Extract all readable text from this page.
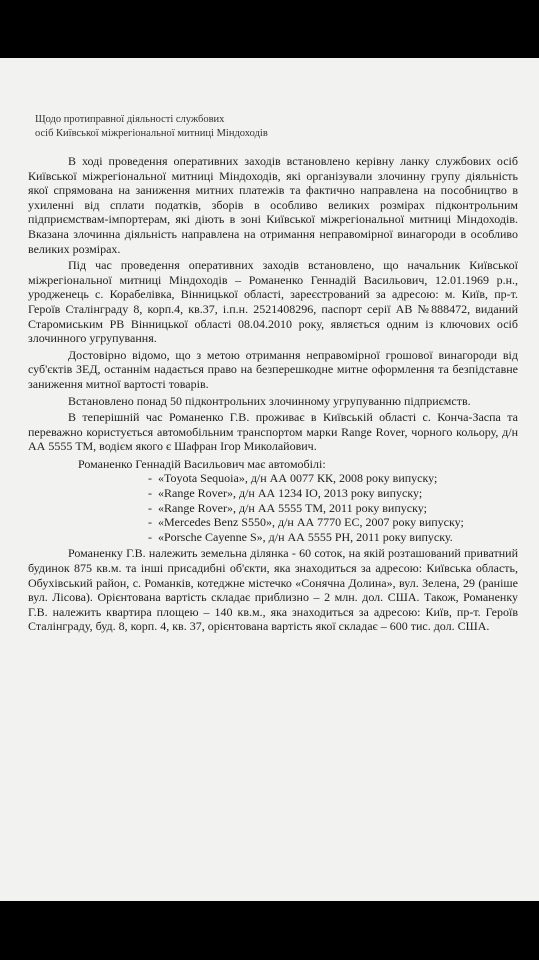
Щодо протиправної діяльності службових
осіб Київської міжрегіональної митниці Міндоходів

В ході проведення оперативних заходів встановлено керівну ланку службових осіб Київської міжрегіональної митниці Міндоходів, які організували злочинну групу діяльність якої спрямована на заниження митних платежів та фактично направлена на пособництво в ухиленні від сплати податків, зборів в особливо великих розмірах підконтрольним підприємствам-імпортерам, які діють в зоні Київської міжрегіональної митниці Міндоходів. Вказана злочинна діяльність направлена на отримання неправомірної винагороди в особливо великих розмірах.

Під час проведення оперативних заходів встановлено, що начальник Київської міжрегіональної митниці Міндоходів – Романенко Геннадій Васильович, 12.01.1969 р.н., уродженець с. Корабелівка, Вінницької області, зареєстрований за адресою: м. Київ, пр-т. Героїв Сталінграду 8, корп.4, кв.37, і.п.н. 2521408296, паспорт серії АВ №888472, виданий Старомиським РВ Вінницької області 08.04.2010 року, являється одним із ключових осіб злочинного угрупування.

Достовірно відомо, що з метою отримання неправомірної грошової винагороди від суб'єктів ЗЕД, останнім надається право на безперешкодне митне оформлення та безпідставне заниження митної вартості товарів.

Встановлено понад 50 підконтрольних злочинному угрупуванню підприємств.

В теперішній час Романенко Г.В. проживає в Київській області с. Конча-Заспа та переважно користується автомобільним транспортом марки Range Rover, чорного кольору, д/н АА 5555 ТМ, водієм якого є Шафран Ігор Миколайович.

Романенко Геннадій Васильович має автомобілі:

- «Toyota Sequoia», д/н АА 0077 КК, 2008 року випуску;
- «Range Rover», д/н АА 1234 ІО, 2013 року випуску;
- «Range Rover», д/н АА 5555 ТМ, 2011 року випуску;
- «Mercedes Benz S550», д/н АА 7770 ЕС, 2007 року випуску;
- «Porsche Cayenne S», д/н АА 5555 РН, 2011 року випуску.

Романенку Г.В. належить земельна ділянка - 60 соток, на якій розташований приватний будинок 875 кв.м. та інші присадибні об'єкти, яка знаходиться за адресою: Київська область, Обухівський район, с. Романків, котеджне містечко «Сонячна Долина», вул. Зелена, 29 (раніше вул. Лісова). Орієнтована вартість складає приблизно – 2 млн. дол. США. Також, Романенку Г.В. належить квартира площею – 140 кв.м., яка знаходиться за адресою: Київ, пр-т. Героїв Сталінграду, буд. 8, корп. 4, кв. 37, орієнтована вартість якої складає – 600 тис. дол. США.
